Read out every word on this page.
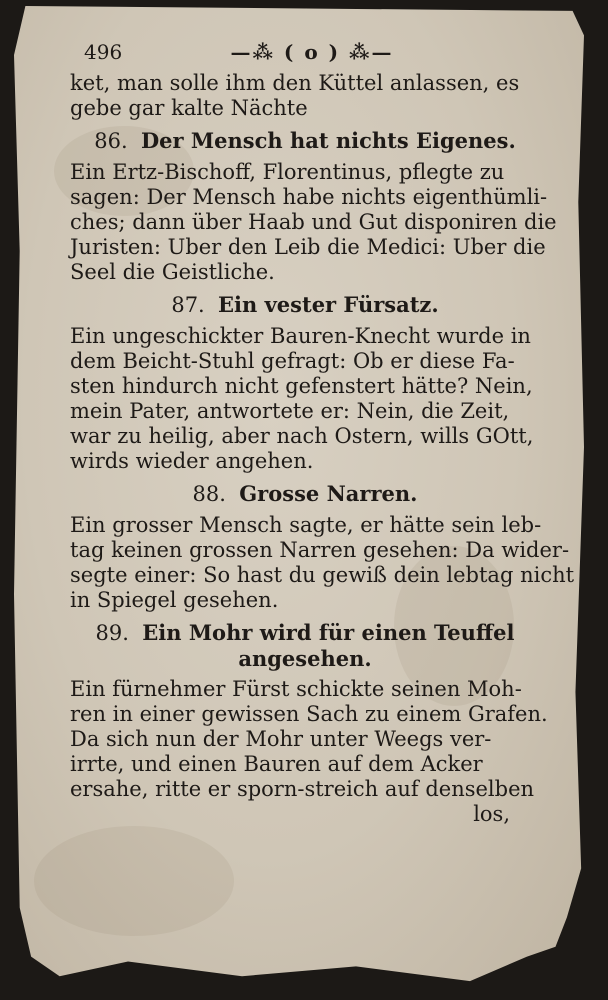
496	—⁂ ( o ) ⁂—
ket, man solle ihm den Küttel anlassen, es
gebe gar kalte Nächte
86. Der Mensch hat nichts Eigenes.
Ein Ertz-Bischoff, Florentinus, pflegte zu
sagen: Der Mensch habe nichts eigenthümli-
ches; dann über Haab und Gut disponiren die
Juristen: Uber den Leib die Medici: Uber die
Seel die Geistliche.
87. Ein vester Fürsatz.
Ein ungeschickter Bauren-Knecht wurde in
dem Beicht-Stuhl gefragt: Ob er diese Fa-
sten hindurch nicht gefenstert hätte? Nein,
mein Pater, antwortete er: Nein, die Zeit,
war zu heilig, aber nach Ostern, wills GOtt,
wirds wieder angehen.
88. Grosse Narren.
Ein grosser Mensch sagte, er hätte sein leb-
tag keinen grossen Narren gesehen: Da wider-
segte einer: So hast du gewiß dein lebtag nicht
in Spiegel gesehen.
89. Ein Mohr wird für einen Teuffel angesehen.
Ein fürnehmer Fürst schickte seinen Moh-
ren in einer gewissen Sach zu einem Grafen.
Da sich nun der Mohr unter Weegs ver-
irrte, und einen Bauren auf dem Acker
ersahe, ritte er sporn-streich auf denselben
los,
